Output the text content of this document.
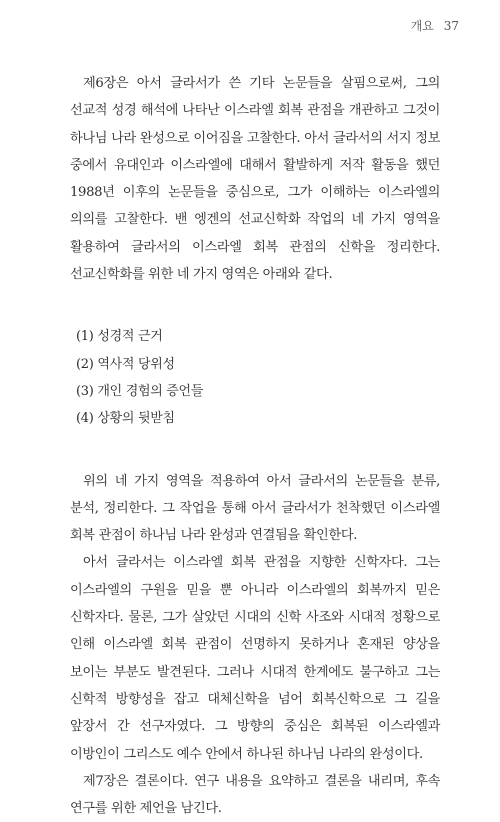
개요 37

제6장은 아서 글라서가 쓴 기타 논문들을 살핌으로써, 그의 선교적 성경 해석에 나타난 이스라엘 회복 관점을 개관하고 그것이 하나님 나라 완성으로 이어짐을 고찰한다. 아서 글라서의 서지 정보 중에서 유대인과 이스라엘에 대해서 활발하게 저작 활동을 했던 1988년 이후의 논문들을 중심으로, 그가 이해하는 이스라엘의 의의를 고찰한다. 밴 엥겐의 선교신학화 작업의 네 가지 영역을 활용하여 글라서의 이스라엘 회복 관점의 신학을 정리한다. 선교신학화를 위한 네 가지 영역은 아래와 같다.

(1) 성경적 근거
(2) 역사적 당위성
(3) 개인 경험의 증언들
(4) 상황의 뒷받침

위의 네 가지 영역을 적용하여 아서 글라서의 논문들을 분류, 분석, 정리한다. 그 작업을 통해 아서 글라서가 천착했던 이스라엘 회복 관점이 하나님 나라 완성과 연결됨을 확인한다.

아서 글라서는 이스라엘 회복 관점을 지향한 신학자다. 그는 이스라엘의 구원을 믿을 뿐 아니라 이스라엘의 회복까지 믿은 신학자다. 물론, 그가 살았던 시대의 신학 사조와 시대적 정황으로 인해 이스라엘 회복 관점이 선명하지 못하거나 혼재된 양상을 보이는 부분도 발견된다. 그러나 시대적 한계에도 불구하고 그는 신학적 방향성을 잡고 대체신학을 넘어 회복신학으로 그 길을 앞장서 간 선구자였다. 그 방향의 중심은 회복된 이스라엘과 이방인이 그리스도 예수 안에서 하나된 하나님 나라의 완성이다.

제7장은 결론이다. 연구 내용을 요약하고 결론을 내리며, 후속 연구를 위한 제언을 남긴다.
